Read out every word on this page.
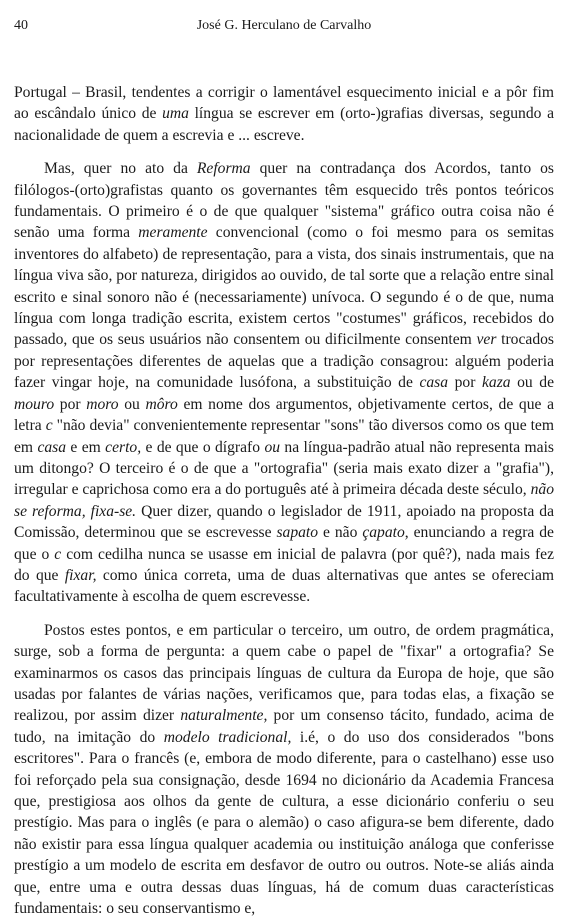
40	José G. Herculano de Carvalho

Portugal – Brasil, tendentes a corrigir o lamentável esquecimento inicial e a pôr fim ao escândalo único de uma língua se escrever em (orto-)grafias diversas, segundo a nacionalidade de quem a escrevia e ... escreve.

Mas, quer no ato da Reforma quer na contradança dos Acordos, tanto os filólogos-(orto)grafistas quanto os governantes têm esquecido três pontos teóricos fundamentais. O primeiro é o de que qualquer "sistema" gráfico outra coisa não é senão uma forma meramente convencional (como o foi mesmo para os semitas inventores do alfabeto) de representação, para a vista, dos sinais instrumentais, que na língua viva são, por natureza, dirigidos ao ouvido, de tal sorte que a relação entre sinal escrito e sinal sonoro não é (necessariamente) unívoca. O segundo é o de que, numa língua com longa tradição escrita, existem certos "costumes" gráficos, recebidos do passado, que os seus usuários não consentem ou dificilmente consentem ver trocados por representações diferentes de aquelas que a tradição consagrou: alguém poderia fazer vingar hoje, na comunidade lusófona, a substituição de casa por kaza ou de mouro por moro ou môro em nome dos argumentos, objetivamente certos, de que a letra c "não devia" convenientemente representar "sons" tão diversos como os que tem em casa e em certo, e de que o dígrafo ou na língua-padrão atual não representa mais um ditongo? O terceiro é o de que a "ortografia" (seria mais exato dizer a "grafia"), irregular e caprichosa como era a do português até à primeira década deste século, não se reforma, fixa-se. Quer dizer, quando o legislador de 1911, apoiado na proposta da Comissão, determinou que se escrevesse sapato e não çapato, enunciando a regra de que o c com cedilha nunca se usasse em inicial de palavra (por quê?), nada mais fez do que fixar, como única correta, uma de duas alternativas que antes se ofereciam facultativamente à escolha de quem escrevesse.

Postos estes pontos, e em particular o terceiro, um outro, de ordem pragmática, surge, sob a forma de pergunta: a quem cabe o papel de "fixar" a ortografia? Se examinarmos os casos das principais línguas de cultura da Europa de hoje, que são usadas por falantes de várias nações, verificamos que, para todas elas, a fixação se realizou, por assim dizer naturalmente, por um consenso tácito, fundado, acima de tudo, na imitação do modelo tradicional, i.é, o do uso dos considerados "bons escritores". Para o francês (e, embora de modo diferente, para o castelhano) esse uso foi reforçado pela sua consignação, desde 1694 no dicionário da Academia Francesa que, prestigiosa aos olhos da gente de cultura, a esse dicionário conferiu o seu prestígio. Mas para o inglês (e para o alemão) o caso afigura-se bem diferente, dado não existir para essa língua qualquer academia ou instituição análoga que conferisse prestígio a um modelo de escrita em desfavor de outro ou outros. Note-se aliás ainda que, entre uma e outra dessas duas línguas, há de comum duas características fundamentais: o seu conservantismo e,
